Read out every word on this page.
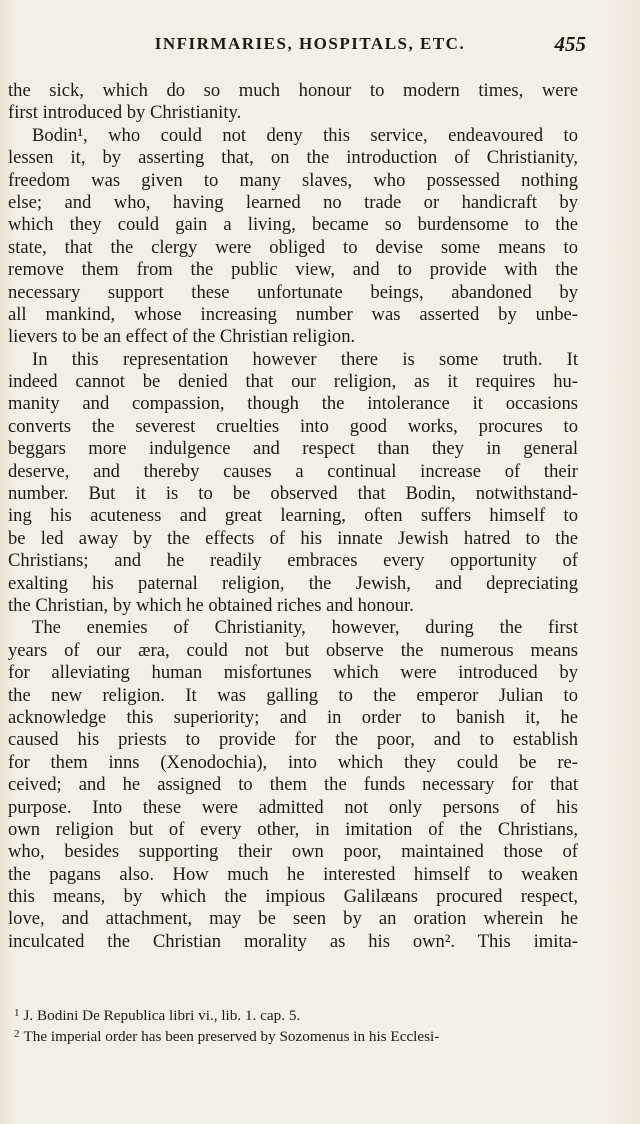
INFIRMARIES, HOSPITALS, ETC.	455
the sick, which do so much honour to modern times, were
first introduced by Christianity.
Bodin¹, who could not deny this service, endeavoured to
lessen it, by asserting that, on the introduction of Christianity,
freedom was given to many slaves, who possessed nothing
else; and who, having learned no trade or handicraft by
which they could gain a living, became so burdensome to the
state, that the clergy were obliged to devise some means to
remove them from the public view, and to provide with the
necessary support these unfortunate beings, abandoned by
all mankind, whose increasing number was asserted by unbe-
lievers to be an effect of the Christian religion.
In this representation however there is some truth. It
indeed cannot be denied that our religion, as it requires hu-
manity and compassion, though the intolerance it occasions
converts the severest cruelties into good works, procures to
beggars more indulgence and respect than they in general
deserve, and thereby causes a continual increase of their
number. But it is to be observed that Bodin, notwithstand-
ing his acuteness and great learning, often suffers himself to
be led away by the effects of his innate Jewish hatred to the
Christians; and he readily embraces every opportunity of
exalting his paternal religion, the Jewish, and depreciating
the Christian, by which he obtained riches and honour.
The enemies of Christianity, however, during the first
years of our æra, could not but observe the numerous means
for alleviating human misfortunes which were introduced by
the new religion. It was galling to the emperor Julian to
acknowledge this superiority; and in order to banish it, he
caused his priests to provide for the poor, and to establish
for them inns (Xenodochia), into which they could be re-
ceived; and he assigned to them the funds necessary for that
purpose. Into these were admitted not only persons of his
own religion but of every other, in imitation of the Christians,
who, besides supporting their own poor, maintained those of
the pagans also. How much he interested himself to weaken
this means, by which the impious Galilæans procured respect,
love, and attachment, may be seen by an oration wherein he
inculcated the Christian morality as his own². This imita-
$^1$ J. Bodini De Republica libri vi., lib. 1. cap. 5.
$^2$ The imperial order has been preserved by Sozomenus in his Ecclesi-
